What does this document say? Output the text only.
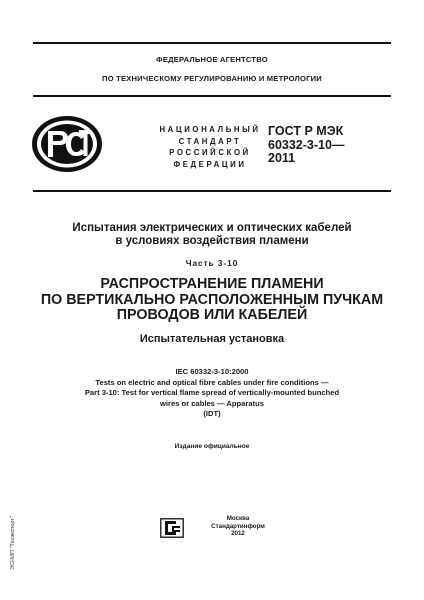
ФЕДЕРАЛЬНОЕ АГЕНТСТВО
ПО ТЕХНИЧЕСКОМУ РЕГУЛИРОВАНИЮ И МЕТРОЛОГИИ
НАЦИОНАЛЬНЫЙ
СТАНДАРТ
РОССИЙСКОЙ
ФЕДЕРАЦИИ
ГОСТ Р МЭК
60332-3-10—
2011
Испытания электрических и оптических кабелей
в условиях воздействия пламени
Часть 3-10
РАСПРОСТРАНЕНИЕ ПЛАМЕНИ
ПО ВЕРТИКАЛЬНО РАСПОЛОЖЕННЫМ ПУЧКАМ
ПРОВОДОВ ИЛИ КАБЕЛЕЙ
Испытательная установка
IEC 60332-3-10:2000
Tests on electric and optical fibre cables under fire conditions —
Part 3-10: Test for vertical flame spread of vertically-mounted bunched
wires or cables — Apparatus
(IDT)
Издание официальное
Москва
Стандартинформ
2012
ЭСНИП "Техэксперт"
